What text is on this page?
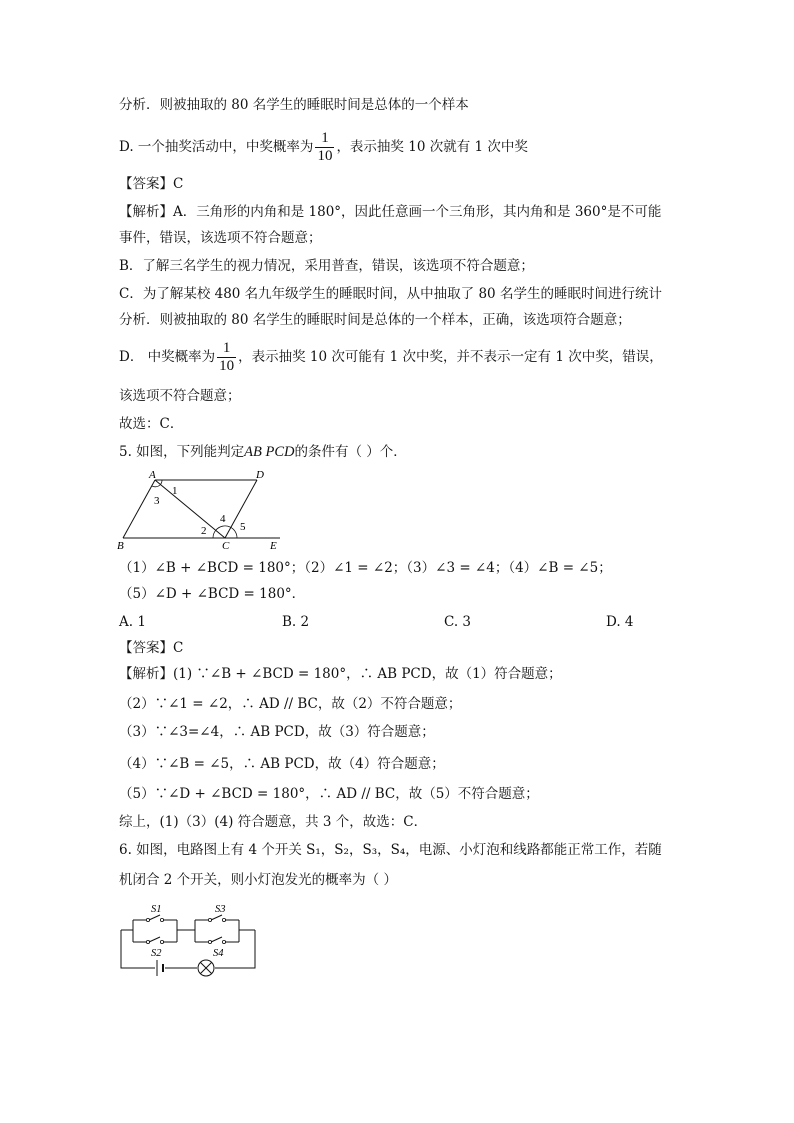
分析．则被抽取的 80 名学生的睡眠时间是总体的一个样本
D. 一个抽奖活动中，中奖概率为 $\frac{1}{10}$ ，表示抽奖 10 次就有 1 次中奖
【答案】C
【解析】A．三角形的内角和是 180°，因此任意画一个三角形，其内角和是 360°是不可能
事件，错误，该选项不符合题意；
B．了解三名学生的视力情况，采用普查，错误，该选项不符合题意；
C．为了解某校 480 名九年级学生的睡眠时间，从中抽取了 80 名学生的睡眠时间进行统计
分析．则被抽取的 80 名学生的睡眠时间是总体的一个样本，正确，该选项符合题意；
D． 中奖概率为 $\frac{1}{10}$ ，表示抽奖 10 次可能有 1 次中奖，并不表示一定有 1 次中奖，错误，
该选项不符合题意；
故选：C．
5. 如图，下列能判定AB PCD的条件有（ ）个．
A	D
B	C	E
1
2
3
4
5
（1）∠B + ∠BCD = 180°；（2）∠1 = ∠2；（3）∠3 = ∠4；（4）∠B = ∠5；
（5）∠D + ∠BCD = 180°．
A. 1	B. 2	C. 3	D. 4
【答案】C
【解析】(1) ∵∠B + ∠BCD = 180°，∴ AB PCD，故（1）符合题意；
（2）∵∠1 = ∠2，∴ AD // BC，故（2）不符合题意；
（3）∵∠3=∠4，∴ AB PCD，故（3）符合题意；
（4）∵∠B = ∠5，∴ AB PCD，故（4）符合题意；
（5）∵∠D + ∠BCD = 180°，∴ AD // BC，故（5）不符合题意；
综上，(1)（3）(4) 符合题意，共 3 个，故选：C．
6. 如图，电路图上有 4 个开关 S₁，S₂，S₃，S₄，电源、小灯泡和线路都能正常工作，若随
机闭合 2 个开关，则小灯泡发光的概率为（ ）
S1
S2
S3
S4
